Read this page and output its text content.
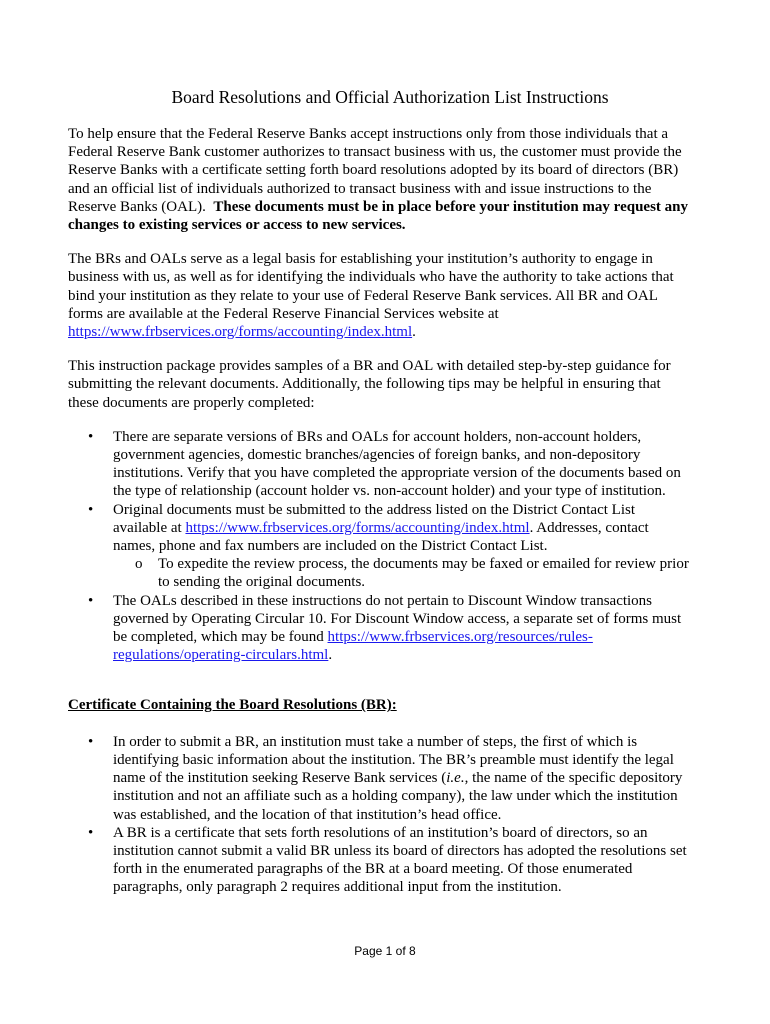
Board Resolutions and Official Authorization List Instructions

To help ensure that the Federal Reserve Banks accept instructions only from those individuals that a Federal Reserve Bank customer authorizes to transact business with us, the customer must provide the Reserve Banks with a certificate setting forth board resolutions adopted by its board of directors (BR) and an official list of individuals authorized to transact business with and issue instructions to the Reserve Banks (OAL). These documents must be in place before your institution may request any changes to existing services or access to new services.

The BRs and OALs serve as a legal basis for establishing your institution’s authority to engage in business with us, as well as for identifying the individuals who have the authority to take actions that bind your institution as they relate to your use of Federal Reserve Bank services. All BR and OAL forms are available at the Federal Reserve Financial Services website at https://www.frbservices.org/forms/accounting/index.html.

This instruction package provides samples of a BR and OAL with detailed step-by-step guidance for submitting the relevant documents. Additionally, the following tips may be helpful in ensuring that these documents are properly completed:

• There are separate versions of BRs and OALs for account holders, non-account holders, government agencies, domestic branches/agencies of foreign banks, and non-depository institutions. Verify that you have completed the appropriate version of the documents based on the type of relationship (account holder vs. non-account holder) and your type of institution.
• Original documents must be submitted to the address listed on the District Contact List available at https://www.frbservices.org/forms/accounting/index.html. Addresses, contact names, phone and fax numbers are included on the District Contact List.
o To expedite the review process, the documents may be faxed or emailed for review prior to sending the original documents.
• The OALs described in these instructions do not pertain to Discount Window transactions governed by Operating Circular 10. For Discount Window access, a separate set of forms must be completed, which may be found https://www.frbservices.org/resources/rules-regulations/operating-circulars.html.
Certificate Containing the Board Resolutions (BR):
• In order to submit a BR, an institution must take a number of steps, the first of which is identifying basic information about the institution. The BR’s preamble must identify the legal name of the institution seeking Reserve Bank services (i.e., the name of the specific depository institution and not an affiliate such as a holding company), the law under which the institution was established, and the location of that institution’s head office.
• A BR is a certificate that sets forth resolutions of an institution’s board of directors, so an institution cannot submit a valid BR unless its board of directors has adopted the resolutions set forth in the enumerated paragraphs of the BR at a board meeting. Of those enumerated paragraphs, only paragraph 2 requires additional input from the institution.
Page 1 of 8
